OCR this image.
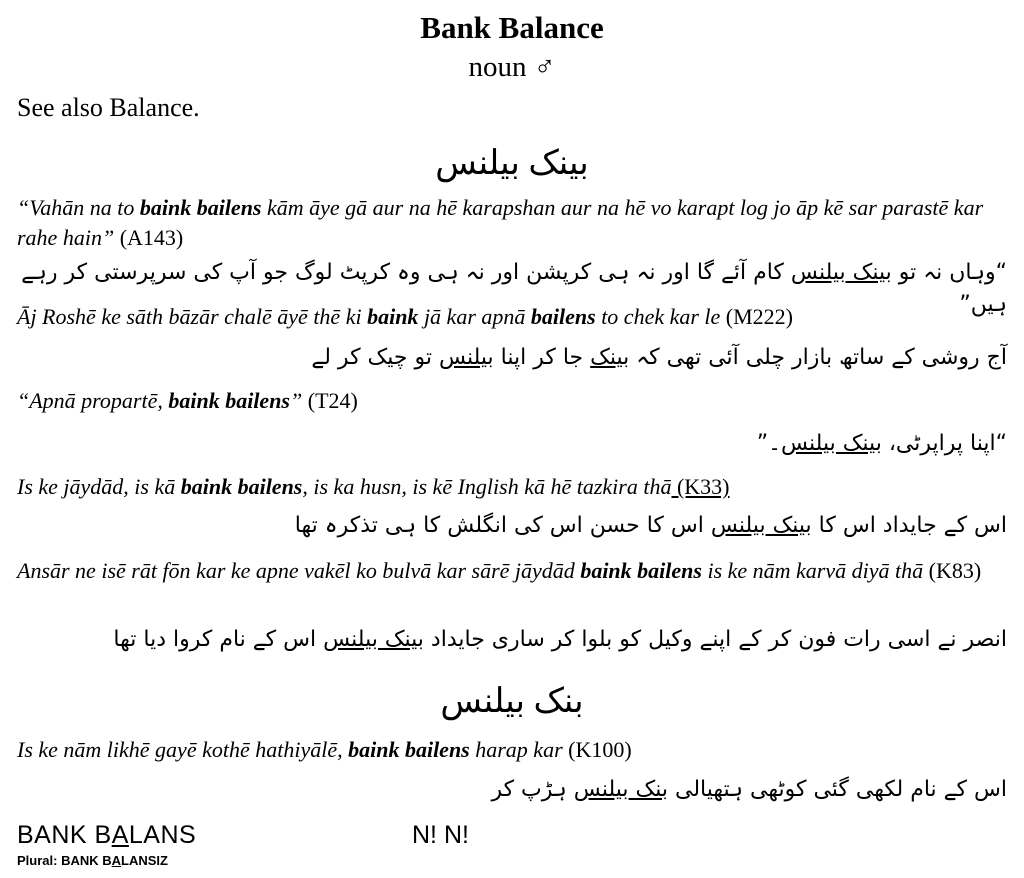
Bank Balance
noun ♂
See also Balance.
بینک بیلنس
“Vahān na to baink bailens kām āye gā aur na hē karapshan aur na hē vo karapt log jo āp kē sar parastē kar rahe hain” (A143)
“وہاں نہ تو بینک بیلنس کام آئے گا اور نہ ہی کرپشن اور نہ ہی وہ کرپٹ لوگ جو آپ کی سرپرستی کر رہے ہیں”
Āj Roshē ke sāth bāzār chalē āyē thē ki baink jā kar apnā bailens to chek kar le (M222)
آج روشی کے ساتھ بازار چلی آئی تھی کہ بینک جا کر اپنا بیلنس تو چیک کر لے
“Apnā propartē, baink bailens” (T24)
“اپنا پراپرٹی، بینک بیلنس۔”
Is ke jāydād, is kā baink bailens, is ka husn, is kē Inglish kā hē tazkira thā (K33)
اس کے جایداد اس کا بینک بیلنس اس کا حسن اس کی انگلش کا ہی تذکرہ تھا
Ansār ne isē rāt fōn kar ke apne vakēl ko bulvā kar sārē jāydād baink bailens is ke nām karvā diyā thā (K83)
انصر نے اسی رات فون کر کے اپنے وکیل کو بلوا کر ساری جایداد بینک بیلنس اس کے نام کروا دیا تھا
بنک بیلنس
Is ke nām likhē gayē kothē hathiyālē, baink bailens harap kar (K100)
اس کے نام لکھی گئی کوٹھی ہتھیالی بنک بیلنس ہڑپ کر
BANK BALANS	N! N!
Plural: BANK BALANSIZ
